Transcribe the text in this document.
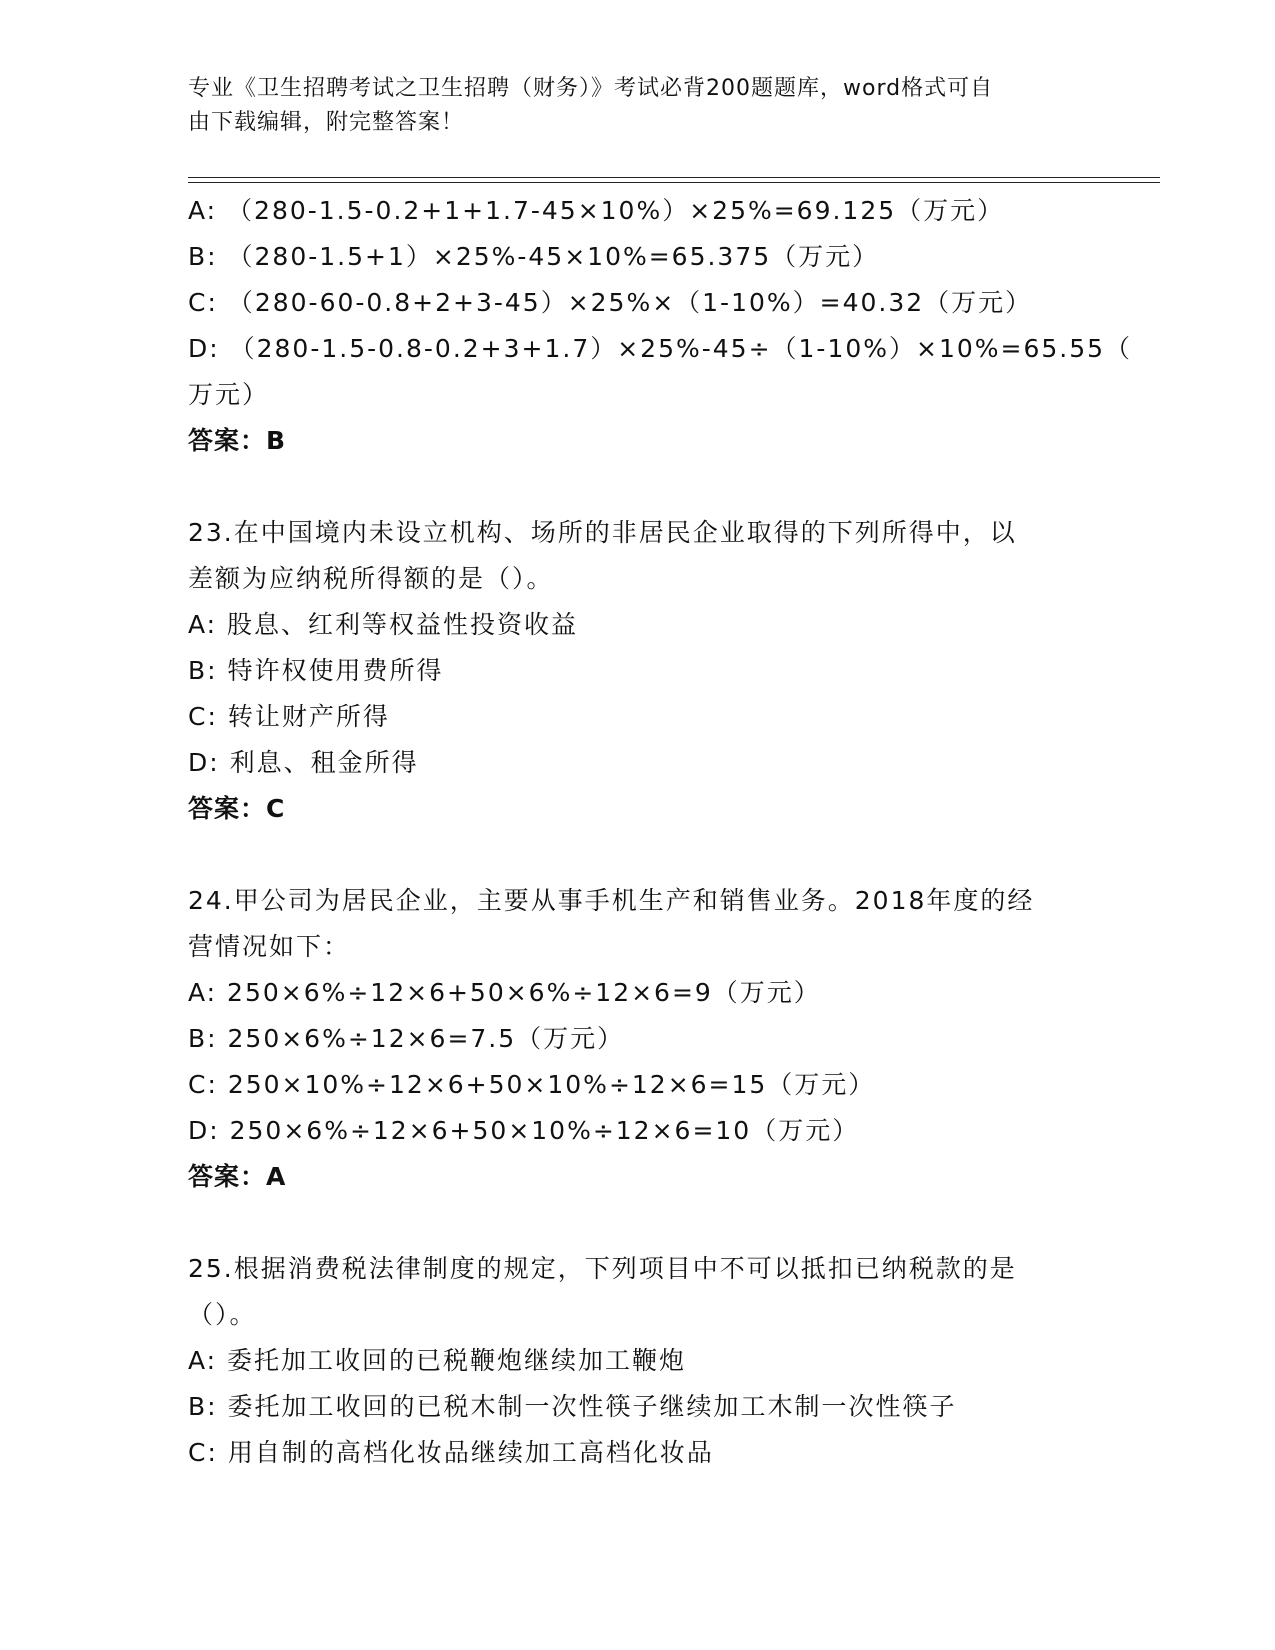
专业《卫生招聘考试之卫生招聘（财务）》考试必背200题题库，word格式可自
由下载编辑，附完整答案！
A: （280-1.5-0.2+1+1.7-45×10%）×25%=69.125（万元）
B: （280-1.5+1）×25%-45×10%=65.375（万元）
C: （280-60-0.8+2+3-45）×25%×（1-10%）=40.32（万元）
D: （280-1.5-0.8-0.2+3+1.7）×25%-45÷（1-10%）×10%=65.55（
万元）
答案：B
23.在中国境内未设立机构、场所的非居民企业取得的下列所得中，以
差额为应纳税所得额的是（）。
A: 股息、红利等权益性投资收益
B: 特许权使用费所得
C: 转让财产所得
D: 利息、租金所得
答案：C
24.甲公司为居民企业，主要从事手机生产和销售业务。2018年度的经
营情况如下：
A: 250×6%÷12×6+50×6%÷12×6=9（万元）
B: 250×6%÷12×6=7.5（万元）
C: 250×10%÷12×6+50×10%÷12×6=15（万元）
D: 250×6%÷12×6+50×10%÷12×6=10（万元）
答案：A
25.根据消费税法律制度的规定，下列项目中不可以抵扣已纳税款的是
（）。
A: 委托加工收回的已税鞭炮继续加工鞭炮
B: 委托加工收回的已税木制一次性筷子继续加工木制一次性筷子
C: 用自制的高档化妆品继续加工高档化妆品
